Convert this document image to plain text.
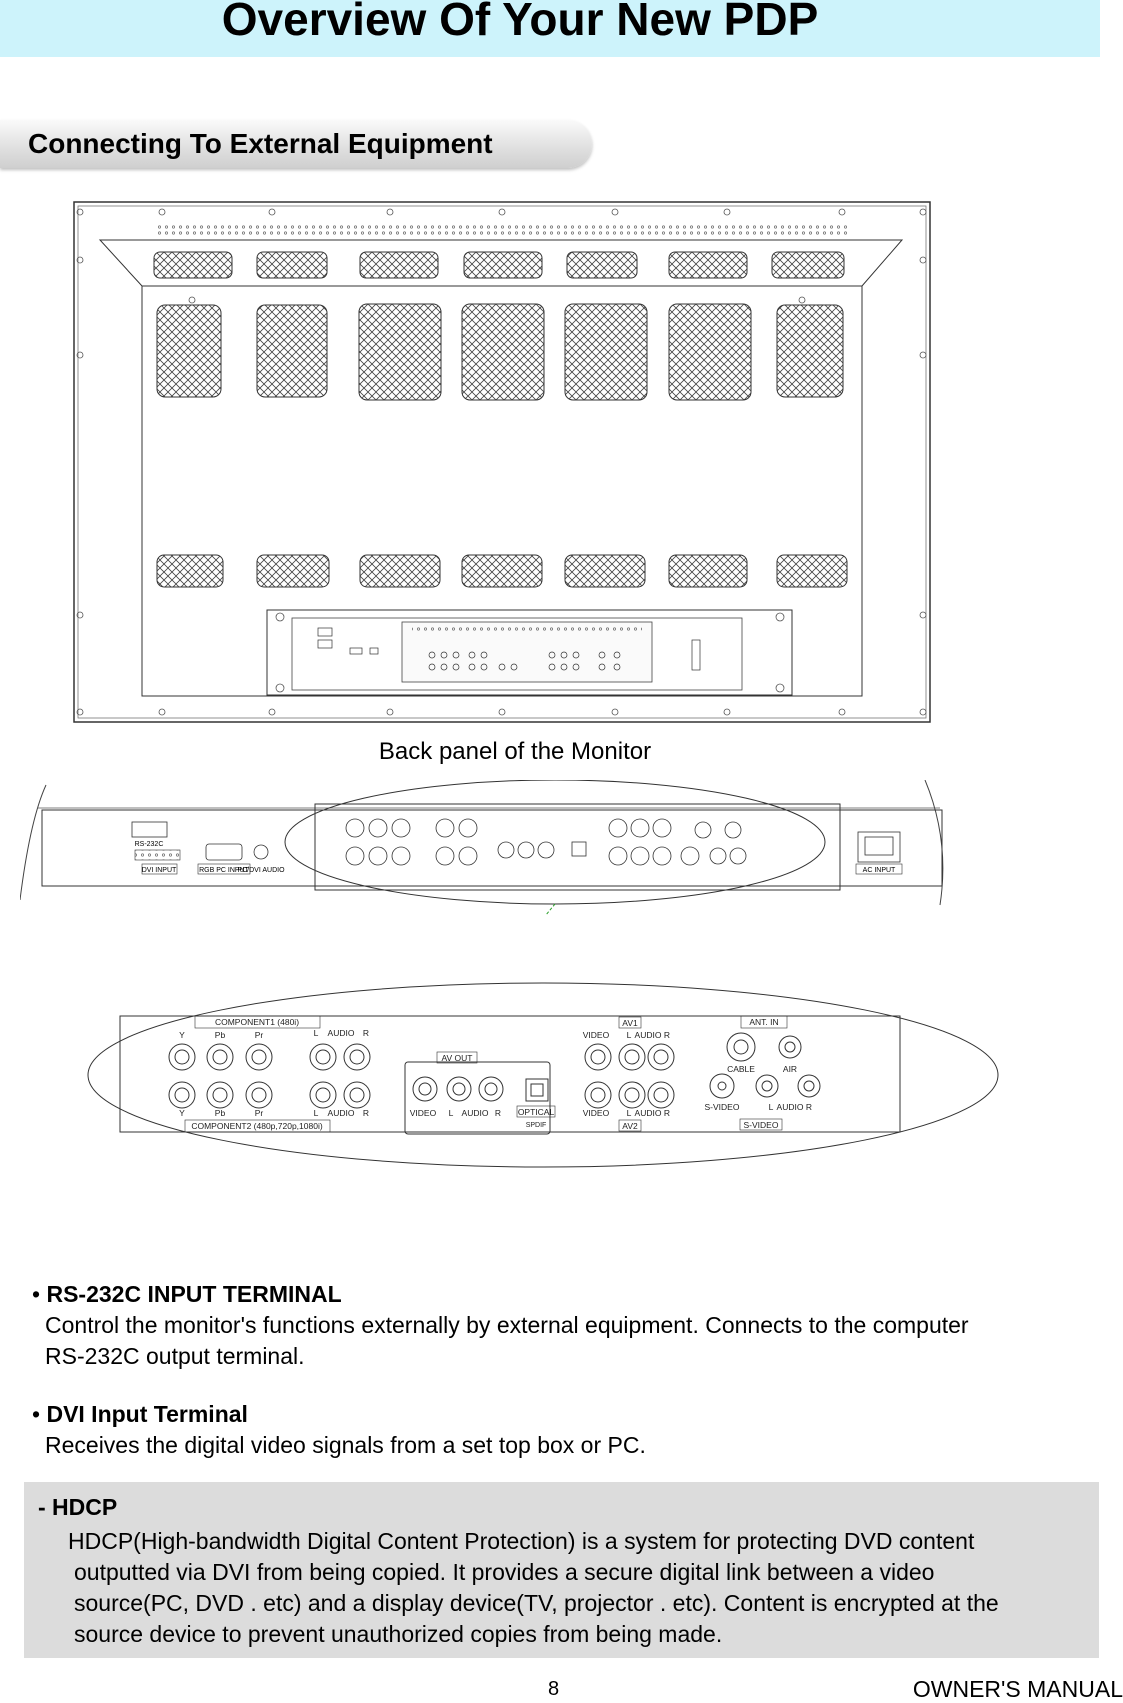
Overview Of Your New PDP
Connecting To External Equipment
Back panel of the Monitor
RS-232C
DVI INPUT	RGB PC INPUT
PC/DVI AUDIO	AC INPUT
COMPONENT1 (480i)
Y	Pb	Pr
Y	Pb	Pr
L AUDIO R
L AUDIO R
COMPONENT2 (480p,720p,1080i)
AV OUT
VIDEO L AUDIO R OPTICAL
SPDIF
AV1
VIDEO L AUDIO R
VIDEO L AUDIO R
AV2
ANT. IN
CABLE	AIR
S-VIDEO	L AUDIO R
S-VIDEO
• RS-232C INPUT TERMINAL
Control the monitor's functions externally by external equipment. Connects to the computer
RS-232C output terminal.
• DVI Input Terminal
Receives the digital video signals from a set top box or PC.
- HDCP
HDCP(High-bandwidth Digital Content Protection) is a system for protecting DVD content
outputted via DVI from being copied. It provides a secure digital link between a video
source(PC, DVD . etc) and a display device(TV, projector . etc). Content is encrypted at the
source device to prevent unauthorized copies from being made.
8	OWNER'S MANUAL
